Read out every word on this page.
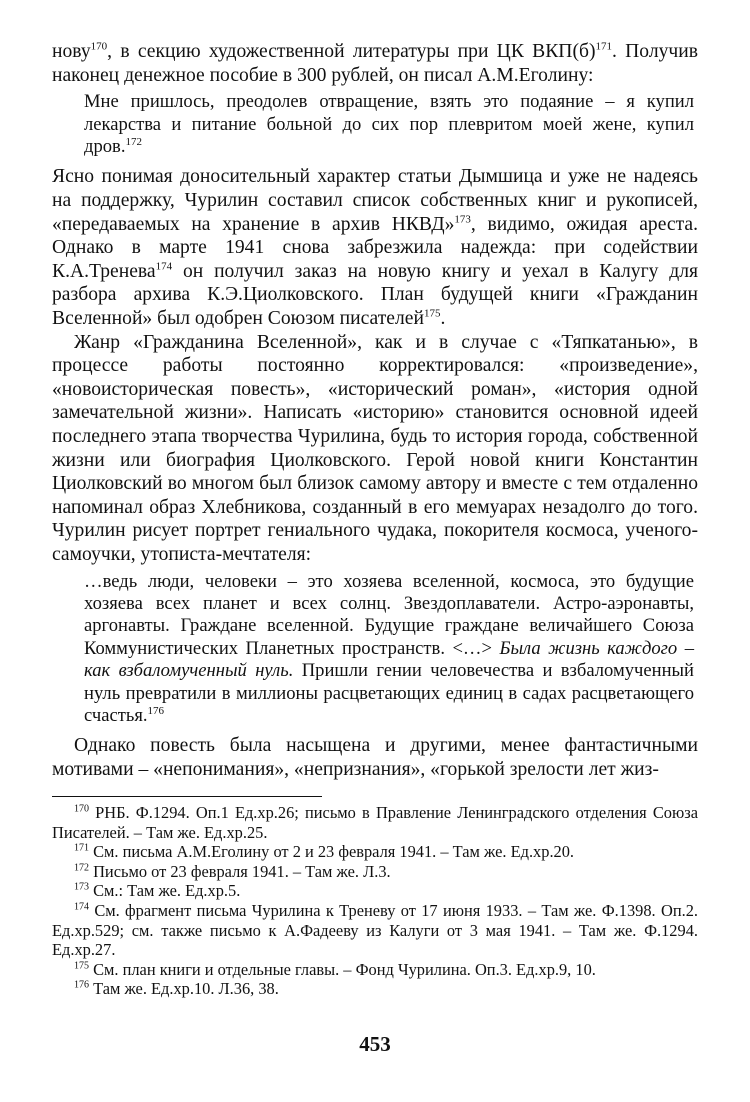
нову$^{170}$, в секцию художественной литературы при ЦК $ВКП(б)^{171}$. Получив наконец денежное пособие в 300 рублей, он писал А.М.Еголину:

Мне пришлось, преодолев отвращение, взять это подаяние – я купил лекарства и питание больной до сих пор плевритом моей жене, купил дров.$^{172}$

Ясно понимая доносительный характер статьи Дымшица и уже не надеясь на поддержку, Чурилин составил список собственных книг и рукописей, «передаваемых на хранение в архив НКВД»$^{173}$, видимо, ожидая ареста. Однако в марте 1941 снова забрезжила надежда: при содействии К.А.Тренева$^{174}$ он получил заказ на новую книгу и уехал в Калугу для разбора архива К.Э.Циолковского. План будущей книги «Гражданин Вселенной» был одобрен Союзом писателей$^{175}$.

Жанр «Гражданина Вселенной», как и в случае с «Тяпкатанью», в процессе работы постоянно корректировался: «произведение», «новоисторическая повесть», «исторический роман», «история одной замечательной жизни». Написать «историю» становится основной идеей последнего этапа творчества Чурилина, будь то история города, собственной жизни или биография Циолковского. Герой новой книги Константин Циолковский во многом был близок самому автору и вместе с тем отдаленно напоминал образ Хлебникова, созданный в его мемуарах незадолго до того. Чурилин рисует портрет гениального чудака, покорителя космоса, ученого-самоучки, утописта-мечтателя:

…ведь люди, человеки – это хозяева вселенной, космоса, это будущие хозяева всех планет и всех солнц. Звездоплаватели. Астро-аэронавты, аргонавты. Граждане вселенной. Будущие граждане величайшего Союза Коммунистических Планетных пространств. <…> Была жизнь каждого – как взбаломученный нуль. Пришли гении человечества и взбаломученный нуль превратили в миллионы расцветающих единиц в садах расцветающего счастья.$^{176}$

Однако повесть была насыщена и другими, менее фантастичными мотивами – «непонимания», «непризнания», «горькой зрелости лет жиз-

$^{170}$ РНБ. Ф.1294. Оп.1 Ед.хр.26; письмо в Правление Ленинградского отделения Союза Писателей. – Там же. Ед.хр.25.

$^{171}$ См. письма А.М.Еголину от 2 и 23 февраля 1941. – Там же. Ед.хр.20.

$^{172}$ Письмо от 23 февраля 1941. – Там же. Л.3.

$^{173}$ См.: Там же. Ед.хр.5.

$^{174}$ См. фрагмент письма Чурилина к Треневу от 17 июня 1933. – Там же. Ф.1398. Оп.2. Ед.хр.529; см. также письмо к А.Фадееву из Калуги от 3 мая 1941. – Там же. Ф.1294. Ед.хр.27.

$^{175}$ См. план книги и отдельные главы. – Фонд Чурилина. Оп.3. Ед.хр.9, 10.

$^{176}$ Там же. Ед.хр.10. Л.36, 38.

453
